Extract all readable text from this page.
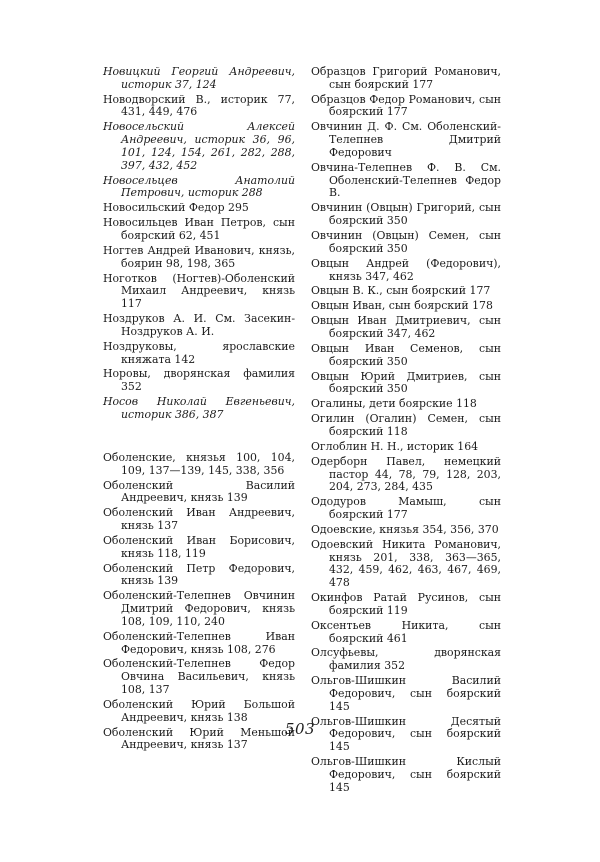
Новицкий Георгий Андреевич, историк 37, 124
Новодворский В., историк 77, 431, 449, 476
Новосельский Алексей Андреевич, историк 36, 96, 101, 124, 154, 261, 282, 288, 397, 432, 452
Новосельцев Анатолий Петрович, историк 288
Новосильский Федор 295
Новосильцев Иван Петров, сын боярский 62, 451
Ногтев Андрей Иванович, князь, боярин 98, 198, 365
Ноготков (Ногтев)-Оболенский Михаил Андреевич, князь 117
Ноздруков А. И. См. Засекин-Ноздруков А. И.
Ноздруковы, ярославские княжата 142
Норовы, дворянская фамилия 352
Носов Николай Евгеньевич, историк 386, 387
Оболенские, князья 100, 104, 109, 137—139, 145, 338, 356
Оболенский Василий Андреевич, князь 139
Оболенский Иван Андреевич, князь 137
Оболенский Иван Борисович, князь 118, 119
Оболенский Петр Федорович, князь 139
Оболенский-Телепнев Овчинин Дмитрий Федорович, князь 108, 109, 110, 240
Оболенский-Телепнев Иван Федорович, князь 108, 276
Оболенский-Телепнев Федор Овчина Васильевич, князь 108, 137
Оболенский Юрий Большой Андреевич, князь 138
Оболенский Юрий Меньшой Андреевич, князь 137
Образцов Григорий Романович, сын боярский 177
Образцов Федор Романович, сын боярский 177
Овчинин Д. Ф. См. Оболенский-Телепнев Дмитрий Федорович
Овчина-Телепнев Ф. В. См. Оболенский-Телепнев Федор В.
Овчинин (Овцын) Григорий, сын боярский 350
Овчинин (Овцын) Семен, сын боярский 350
Овцын Андрей (Федорович), князь 347, 462
Овцын В. К., сын боярский 177
Овцын Иван, сын боярский 178
Овцын Иван Дмитриевич, сын боярский 347, 462
Овцын Иван Семенов, сын боярский 350
Овцын Юрий Дмитриев, сын боярский 350
Огалины, дети боярские 118
Огилин (Огалин) Семен, сын боярский 118
Оглоблин Н. Н., историк 164
Одерборн Павел, немецкий пастор 44, 78, 79, 128, 203, 204, 273, 284, 435
Ододуров Мамыш, сын боярский 177
Одоевские, князья 354, 356, 370
Одоевский Никита Романович, князь 201, 338, 363—365, 432, 459, 462, 463, 467, 469, 478
Окинфов Ратай Русинов, сын боярский 119
Оксентьев Никита, сын боярский 461
Олсуфьевы, дворянская фамилия 352
Ольгов-Шишкин Василий Федорович, сын боярский 145
Ольгов-Шишкин Десятый Федорович, сын боярский 145
Ольгов-Шишкин Кислый Федорович, сын боярский 145
503
